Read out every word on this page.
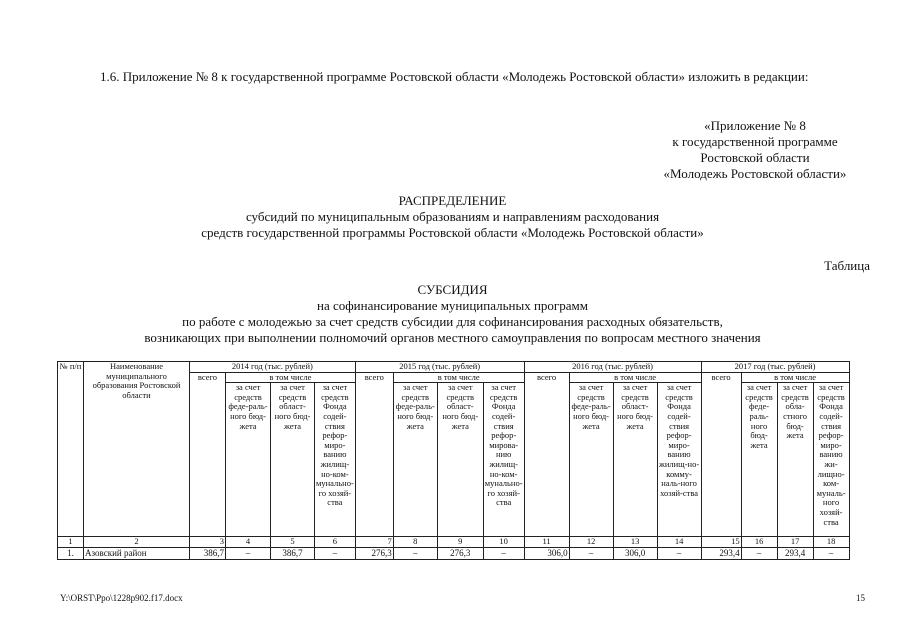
1.6. Приложение № 8 к государственной программе Ростовской области «Молодежь Ростовской области» изложить в редакции:
«Приложение № 8
к государственной программе
Ростовской области
«Молодежь Ростовской области»
РАСПРЕДЕЛЕНИЕ
субсидий по муниципальным образованиям и направлениям расходования
средств государственной программы Ростовской области «Молодежь Ростовской области»
Таблица
СУБСИДИЯ
на софинансирование муниципальных программ
по работе с молодежью за счет средств субсидии для софинансирования расходных обязательств,
возникающих при выполнении полномочий органов местного самоуправления по вопросам местного значения
№ п/п	Наименование муниципального образования Ростовской области	2014 год (тыс. рублей)				2015 год (тыс. рублей)				2016 год (тыс. рублей)				2017 год (тыс. рублей)			
		всего	в том числе			всего	в том числе			всего	в том числе			всего	в том числе		
			за счет средств феде-раль-ного бюд-жета	за счет средств област-ного бюд-жета	за счет средств Фонда содей-ствия рефор-миро-ванию жилищ-но-ком-мунально-го хозяй-ства		за счет средств феде-раль-ного бюд-жета	за счет средств област-ного бюд-жета	за счет средств Фонда содей-ствия рефор-мирова-нию жилищ-но-ком-мунально-го хозяй-ства		за счет средств феде-раль-ного бюд-жета	за счет средств област-ного бюд-жета	за счет средств Фонда содей-ствия рефор-миро-ванию жилищ-но-комму-наль-ного хозяй-ства		за счет средств феде-раль-ного бюд-жета	за счет средств обла-стного бюд-жета	за счет средств Фонда содей-ствия рефор-миро-ванию жи-лищно-ком-муналь-ного хозяй-ства
1	2	3	4	5	6	7	8	9	10	11	12	13	14	15	16	17	18
1.	Азовский район	386,7	–	386,7	–	276,3	–	276,3	–	306,0	–	306,0	–	293,4	–	293,4	–
Y:\ORST\Ppo\1228p902.f17.docx	15
